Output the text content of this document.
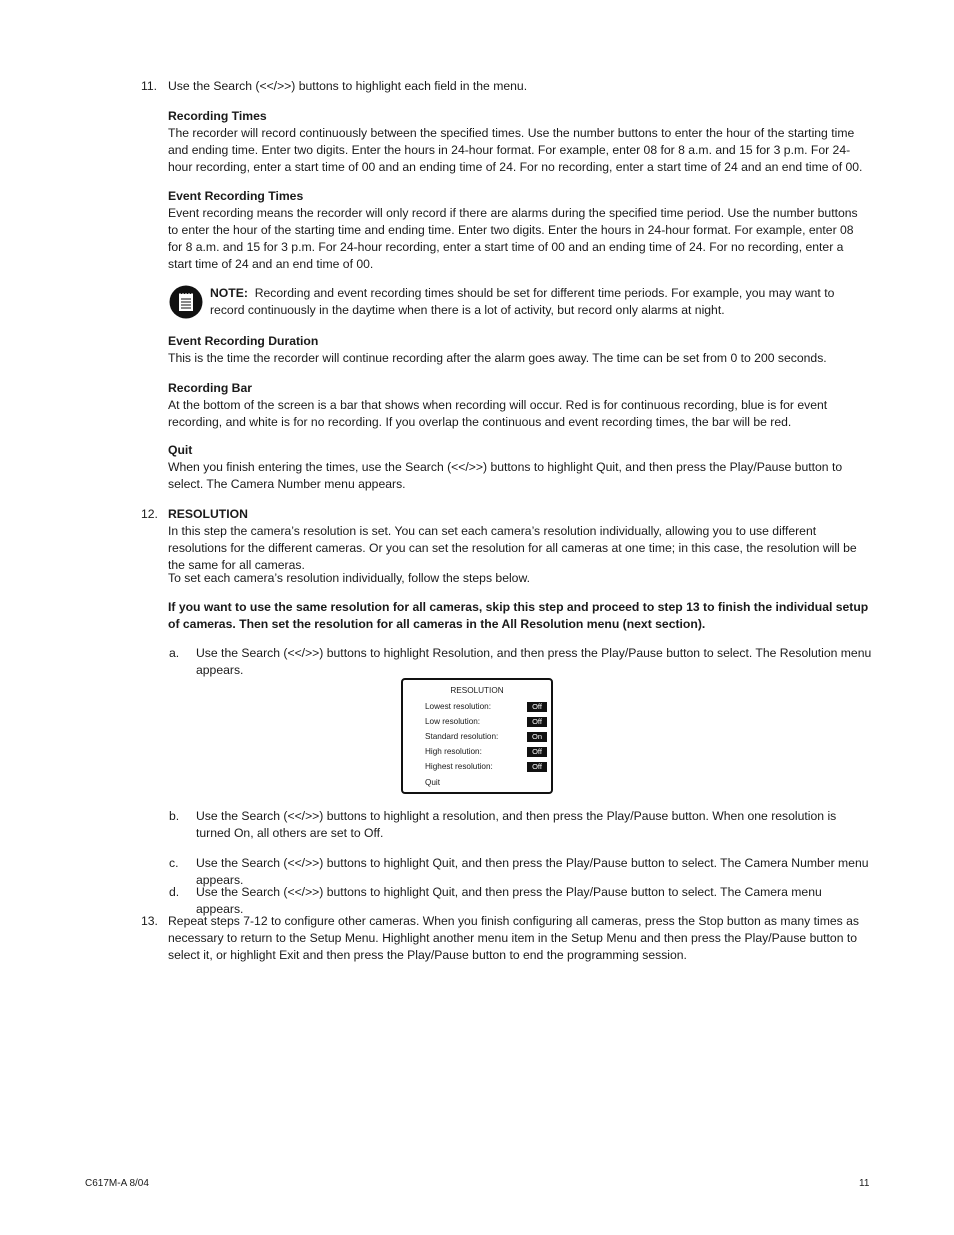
11. Use the Search (<</>>) buttons to highlight each field in the menu.

Recording Times

The recorder will record continuously between the specified times. Use the number buttons to enter the hour of the starting time and ending time. Enter two digits. Enter the hours in 24-hour format. For example, enter 08 for 8 a.m. and 15 for 3 p.m. For 24-hour recording, enter a start time of 00 and an ending time of 24. For no recording, enter a start time of 24 and an end time of 00.

Event Recording Times

Event recording means the recorder will only record if there are alarms during the specified time period. Use the number buttons to enter the hour of the starting time and ending time. Enter two digits. Enter the hours in 24-hour format. For example, enter 08 for 8 a.m. and 15 for 3 p.m. For 24-hour recording, enter a start time of 00 and an ending time of 24. For no recording, enter a start time of 24 and an end time of 00.

NOTE: Recording and event recording times should be set for different time periods. For example, you may want to record continuously in the daytime when there is a lot of activity, but record only alarms at night.

Event Recording Duration

This is the time the recorder will continue recording after the alarm goes away. The time can be set from 0 to 200 seconds.

Recording Bar

At the bottom of the screen is a bar that shows when recording will occur. Red is for continuous recording, blue is for event recording, and white is for no recording. If you overlap the continuous and event recording times, the bar will be red.

Quit

When you finish entering the times, use the Search (<</>>) buttons to highlight Quit, and then press the Play/Pause button to select. The Camera Number menu appears.

12. RESOLUTION

In this step the camera’s resolution is set. You can set each camera’s resolution individually, allowing you to use different resolutions for the different cameras. Or you can set the resolution for all cameras at one time; in this case, the resolution will be the same for all cameras.

To set each camera’s resolution individually, follow the steps below.

If you want to use the same resolution for all cameras, skip this step and proceed to step 13 to finish the individual setup of cameras. Then set the resolution for all cameras in the All Resolution menu (next section).

a. Use the Search (<</>>) buttons to highlight Resolution, and then press the Play/Pause button to select. The Resolution menu appears.

RESOLUTION
Lowest resolution:	Off
Low resolution:	Off
Standard resolution:	On
High resolution:	Off
Highest resolution:	Off
Quit
b. Use the Search (<</>>) buttons to highlight a resolution, and then press the Play/Pause button. When one resolution is turned On, all others are set to Off.

c. Use the Search (<</>>) buttons to highlight Quit, and then press the Play/Pause button to select. The Camera Number menu appears.

d. Use the Search (<</>>) buttons to highlight Quit, and then press the Play/Pause button to select. The Camera menu appears.

13. Repeat steps 7-12 to configure other cameras. When you finish configuring all cameras, press the Stop button as many times as necessary to return to the Setup Menu. Highlight another menu item in the Setup Menu and then press the Play/Pause button to select it, or highlight Exit and then press the Play/Pause button to end the programming session.

C617M-A 8/04	11
